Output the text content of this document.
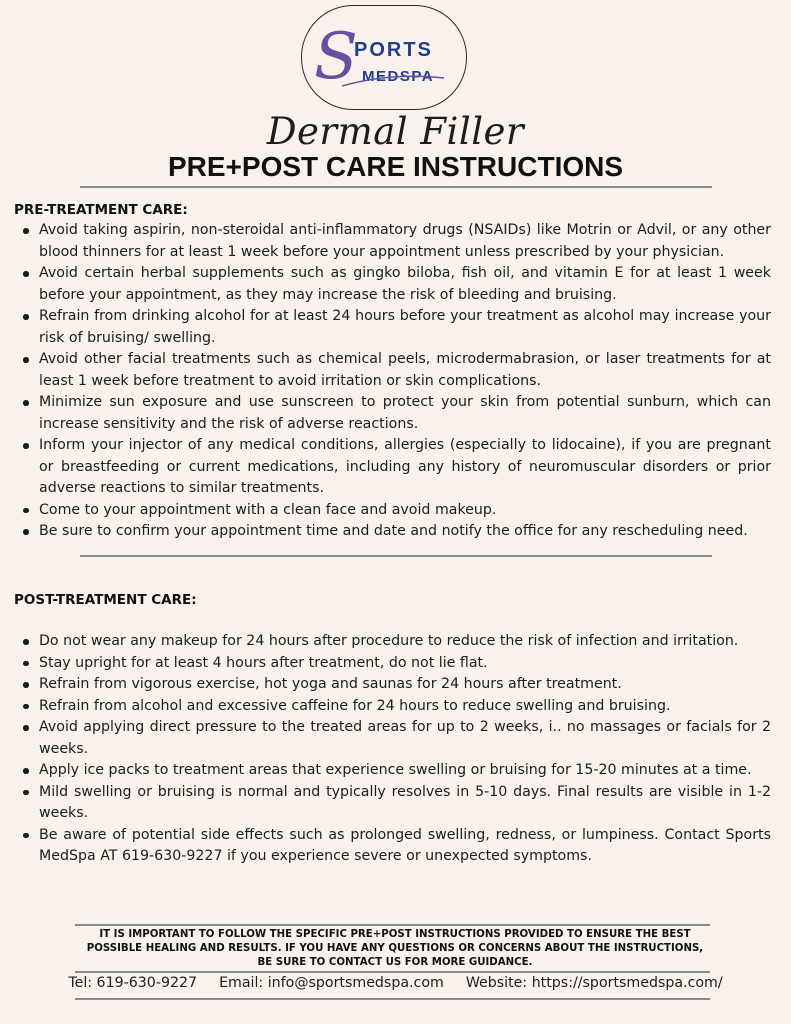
S
PORTS
MEDSPA
Dermal Filler
PRE+POST CARE INSTRUCTIONS
PRE-TREATMENT CARE:
Avoid taking aspirin, non-steroidal anti-inflammatory drugs (NSAIDs) like Motrin or Advil, or any other blood thinners for at least 1 week before your appointment unless prescribed by your physician.
Avoid certain herbal supplements such as gingko biloba, fish oil, and vitamin E for at least 1 week before your appointment, as they may increase the risk of bleeding and bruising.
Refrain from drinking alcohol for at least 24 hours before your treatment as alcohol may increase your risk of bruising/ swelling.
Avoid other facial treatments such as chemical peels, microdermabrasion, or laser treatments for at least 1 week before treatment to avoid irritation or skin complications.
Minimize sun exposure and use sunscreen to protect your skin from potential sunburn, which can increase sensitivity and the risk of adverse reactions.
Inform your injector of any medical conditions, allergies (especially to lidocaine), if you are pregnant or breastfeeding or current medications, including any history of neuromuscular disorders or prior adverse reactions to similar treatments.
Come to your appointment with a clean face and avoid makeup.
Be sure to confirm your appointment time and date and notify the office for any rescheduling need.
POST-TREATMENT CARE:
Do not wear any makeup for 24 hours after procedure to reduce the risk of infection and irritation.
Stay upright for at least 4 hours after treatment, do not lie flat.
Refrain from vigorous exercise, hot yoga and saunas for 24 hours after treatment.
Refrain from alcohol and excessive caffeine for 24 hours to reduce swelling and bruising.
Avoid applying direct pressure to the treated areas for up to 2 weeks, i.. no massages or facials for 2 weeks.
Apply ice packs to treatment areas that experience swelling or bruising for 15-20 minutes at a time.
Mild swelling or bruising is normal and typically resolves in 5-10 days. Final results are visible in 1-2 weeks.
Be aware of potential side effects such as prolonged swelling, redness, or lumpiness. Contact Sports MedSpa AT 619-630-9227 if you experience severe or unexpected symptoms.
IT IS IMPORTANT TO FOLLOW THE SPECIFIC PRE+POST INSTRUCTIONS PROVIDED TO ENSURE THE BEST
POSSIBLE HEALING AND RESULTS. IF YOU HAVE ANY QUESTIONS OR CONCERNS ABOUT THE INSTRUCTIONS,
BE SURE TO CONTACT US FOR MORE GUIDANCE.
Tel: 619-630-9227 Email: info@sportsmedspa.com Website: https://sportsmedspa.com/
